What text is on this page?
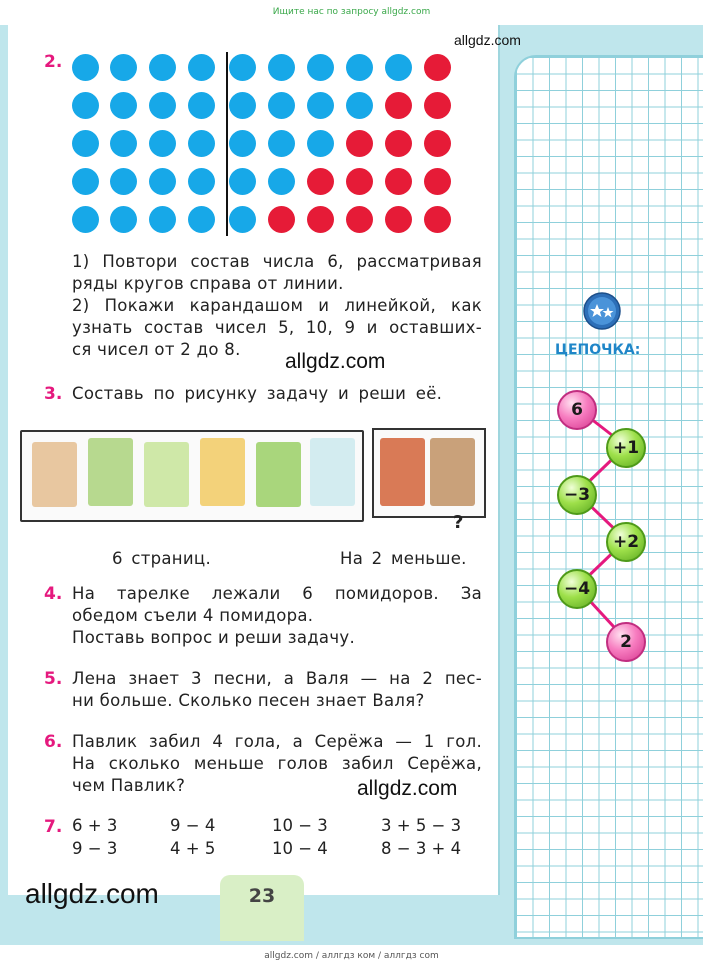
Ищите нас по запросу allgdz.com
allgdz.com
2.
1) Повтори состав числа 6, рассматривая
ряды кругов справа от линии.
2) Покажи карандашом и линейкой, как
узнать состав чисел 5, 10, 9 и оставших-
ся чисел от 2 до 8.
allgdz.com
3. Составь по рисунку задачу и реши её.
?
6 страниц.	На 2 меньше.
4. На тарелке лежали 6 помидоров. За
обедом съели 4 помидора.
Поставь вопрос и реши задачу.
5. Лена знает 3 песни, а Валя — на 2 пес-
ни больше. Сколько песен знает Валя?
6. Павлик забил 4 гола, а Серёжа — 1 гол.
На сколько меньше голов забил Серёжа,
чем Павлик?	allgdz.com
7. 6 + 3	9 − 4	10 − 3	3 + 5 − 3
9 − 3	4 + 5	10 − 4	8 − 3 + 4
allgdz.com	23
allgdz.com / аллгдз ком / аллгдз com
ЦЕПОЧКА:
6
+1
−3
+2
−4
2
